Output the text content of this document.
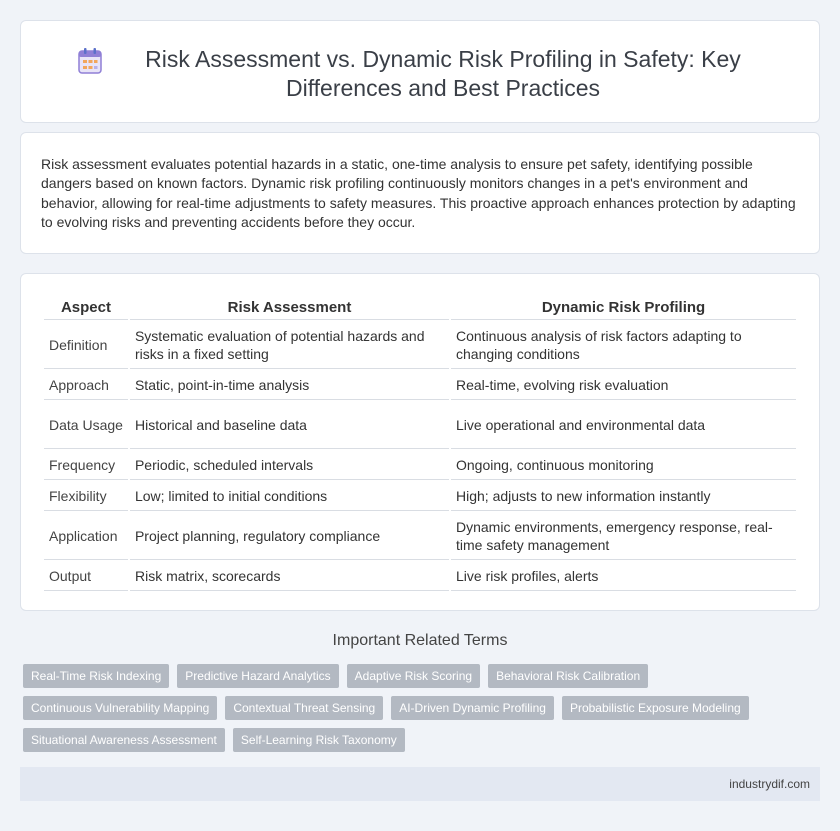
Risk Assessment vs. Dynamic Risk Profiling in Safety: Key Differences and Best Practices

Risk assessment evaluates potential hazards in a static, one-time analysis to ensure pet safety, identifying possible dangers based on known factors. Dynamic risk profiling continuously monitors changes in a pet's environment and behavior, allowing for real-time adjustments to safety measures. This proactive approach enhances protection by adapting to evolving risks and preventing accidents before they occur.

Aspect	Risk Assessment	Dynamic Risk Profiling
Definition	Systematic evaluation of potential hazards and risks in a fixed setting	Continuous analysis of risk factors adapting to changing conditions
Approach	Static, point-in-time analysis	Real-time, evolving risk evaluation
Data Usage	Historical and baseline data	Live operational and environmental data
Frequency	Periodic, scheduled intervals	Ongoing, continuous monitoring
Flexibility	Low; limited to initial conditions	High; adjusts to new information instantly
Application	Project planning, regulatory compliance	Dynamic environments, emergency response, real-time safety management
Output	Risk matrix, scorecards	Live risk profiles, alerts
Important Related Terms
Real-Time Risk Indexing	Predictive Hazard Analytics	Adaptive Risk Scoring	Behavioral Risk Calibration
Continuous Vulnerability Mapping	Contextual Threat Sensing	AI-Driven Dynamic Profiling	Probabilistic Exposure Modeling
Situational Awareness Assessment	Self-Learning Risk Taxonomy
industrydif.com
